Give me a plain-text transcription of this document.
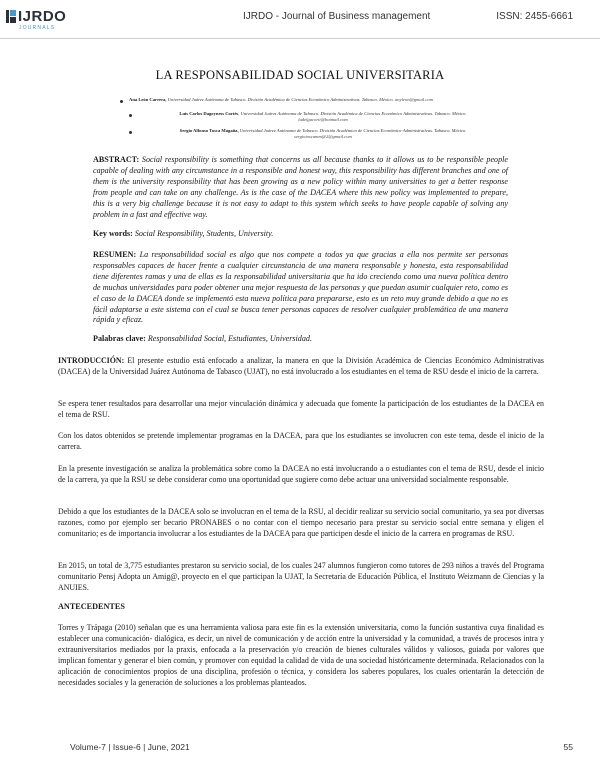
IJRDO
JOURNALS
IJRDO - Journal of Business management	ISSN: 2455-6661
LA RESPONSABILIDAD SOCIAL UNIVERSITARIA
Ana León Carrera, Universidad Juárez Autónoma de Tabasco. División Académica de Ciencias Económico Administrativas. Tabasco. México. anyleon@gmail.com
Luis Carlos Dagoyness Cortés, Universidad Juárez Autónoma de Tabasco. División Académica de Ciencias Económico Administrativas. Tabasco. México.
ludelgacorti@hotmail.com
Sergio Alfonso Tosca Magaña, Universidad Juárez Autónoma de Tabasco. División Académica de Ciencias Económico-Administrativas. Tabasco. México.
sergiotoscamm@2@gmail.com
ABSTRACT: Social responsibility is something that concerns us all because thanks to it allows us to be responsible people capable of dealing with any circumstance in a responsible and honest way, this responsibility has different branches and one of them is the university responsibility that has been growing as a new policy within many universities to get a better response from people and can take on any challenge. As is the case of the DACEA where this new policy was implemented to prepare, this is a very big challenge because it is not easy to adapt to this system which seeks to have people capable of solving any problem in a fast and effective way.
Key words: Social Responsibility, Students, University.
RESUMEN: La responsabilidad social es algo que nos compete a todos ya que gracias a ella nos permite ser personas responsables capaces de hacer frente a cualquier circunstancia de una manera responsable y honesta, esta responsabilidad tiene diferentes ramas y una de ellas es la responsabilidad universitaria que ha ido creciendo como una nueva política dentro de muchas universidades para poder obtener una mejor respuesta de las personas y que puedan asumir cualquier reto, como es el caso de la DACEA donde se implementó esta nueva política para prepararse, esto es un reto muy grande debido a que no es fácil adaptarse a este sistema con el cual se busca tener personas capaces de resolver cualquier problemática de una manera rápida y eficaz.
Palabras clave: Responsabilidad Social, Estudiantes, Universidad.
INTRODUCCIÓN: El presente estudio está enfocado a analizar, la manera en que la División Académica de Ciencias Económico Administrativas (DACEA) de la Universidad Juárez Autónoma de Tabasco (UJAT), no está involucrado a los estudiantes en el tema de RSU desde el inicio de la carrera.
Se espera tener resultados para desarrollar una mejor vinculación dinámica y adecuada que fomente la participación de los estudiantes de la DACEA en el tema de RSU.
Con los datos obtenidos se pretende implementar programas en la DACEA, para que los estudiantes se involucren con este tema, desde el inicio de la carrera.
En la presente investigación se analiza la problemática sobre como la DACEA no está involucrando a o estudiantes con el tema de RSU, desde el inicio de la carrera, ya que la RSU se debe considerar como una oportunidad que sugiere como debe actuar una universidad socialmente responsable.
Debido a que los estudiantes de la DACEA solo se involucran en el tema de la RSU, al decidir realizar su servicio social comunitario, ya sea por diversas razones, como por ejemplo ser becario PRONABES o no contar con el tiempo necesario para prestar su servicio social entre semana y eligen el comunitario; es de importancia involucrar a los estudiantes de la DACEA para que participen desde el inicio de la carrera en programas de RSU.
En 2015, un total de 3,775 estudiantes prestaron su servicio social, de los cuales 247 alumnos fungieron como tutores de 293 niños a través del Programa comunitario Pensj Adopta un Amig@, proyecto en el que participan la UJAT, la Secretaría de Educación Pública, el Instituto Weizmann de Ciencias y la ANUIES.
ANTECEDENTES
Torres y Trápaga (2010) señalan que es una herramienta valiosa para este fin es la extensión universitaria, como la función sustantiva cuya finalidad es establecer una comunicación- dialógica, es decir, un nivel de comunicación y de acción entre la universidad y la comunidad, a través de procesos intra y extrauniversitarios mediados por la praxis, enfocada a la preservación y/o creación de bienes culturales válidos y valiosos, guiada por valores que implican fomentar y generar el bien común, y promover con equidad la calidad de vida de una sociedad históricamente determinada. Relacionados con la aplicación de conocimientos propios de una disciplina, profesión o técnica, y considera los saberes populares, los cuales orientarán la detección de necesidades sociales y la generación de soluciones a los problemas planteados.
Volume-7 | Issue-6 | June, 2021	55
